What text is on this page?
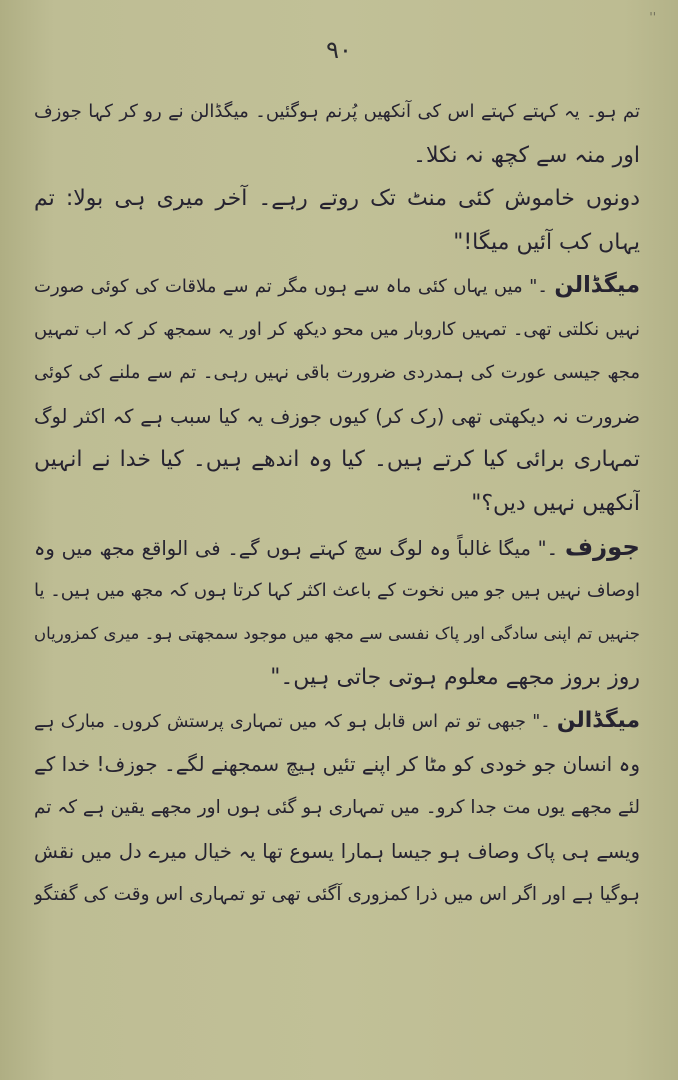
''
۹۰
تم ہو۔ یہ کہتے کہتے اس کی آنکھیں پُرنم ہوگئیں۔ میگڈالن نے رو کر کہا جوزف
اور منہ سے کچھ نہ نکلا۔
دونوں خاموش کئی منٹ تک روتے رہے۔ آخر میری ہی بولا: تم
یہاں کب آئیں میگا!"
میگڈالن ۔" میں یہاں کئی ماہ سے ہوں مگر تم سے ملاقات کی کوئی صورت
نہیں نکلتی تھی۔ تمہیں کاروبار میں محو دیکھ کر اور یہ سمجھ کر کہ اب تمہیں
مجھ جیسی عورت کی ہمدردی ضرورت باقی نہیں رہی۔ تم سے ملنے کی کوئی
ضرورت نہ دیکھتی تھی (رک کر) کیوں جوزف یہ کیا سبب ہے کہ اکثر لوگ
تمہاری برائی کیا کرتے ہیں۔ کیا وہ اندھے ہیں۔ کیا خدا نے انہیں
آنکھیں نہیں دیں؟"
جوزف ۔" میگا غالباً وہ لوگ سچ کہتے ہوں گے۔ فی الواقع مجھ میں وہ
اوصاف نہیں ہیں جو میں نخوت کے باعث اکثر کہا کرتا ہوں کہ مجھ میں ہیں۔ یا
جنہیں تم اپنی سادگی اور پاک نفسی سے مجھ میں موجود سمجھتی ہو۔ میری کمزوریاں
روز بروز مجھے معلوم ہوتی جاتی ہیں۔"
میگڈالن ۔" جبھی تو تم اس قابل ہو کہ میں تمہاری پرستش کروں۔ مبارک ہے
وہ انسان جو خودی کو مٹا کر اپنے تئیں ہیچ سمجھنے لگے۔ جوزف! خدا کے
لئے مجھے یوں مت جدا کرو۔ میں تمہاری ہو گئی ہوں اور مجھے یقین ہے کہ تم
ویسے ہی پاک وصاف ہو جیسا ہمارا یسوع تھا یہ خیال میرے دل میں نقش
ہوگیا ہے اور اگر اس میں ذرا کمزوری آگئی تھی تو تمہاری اس وقت کی گفتگو
